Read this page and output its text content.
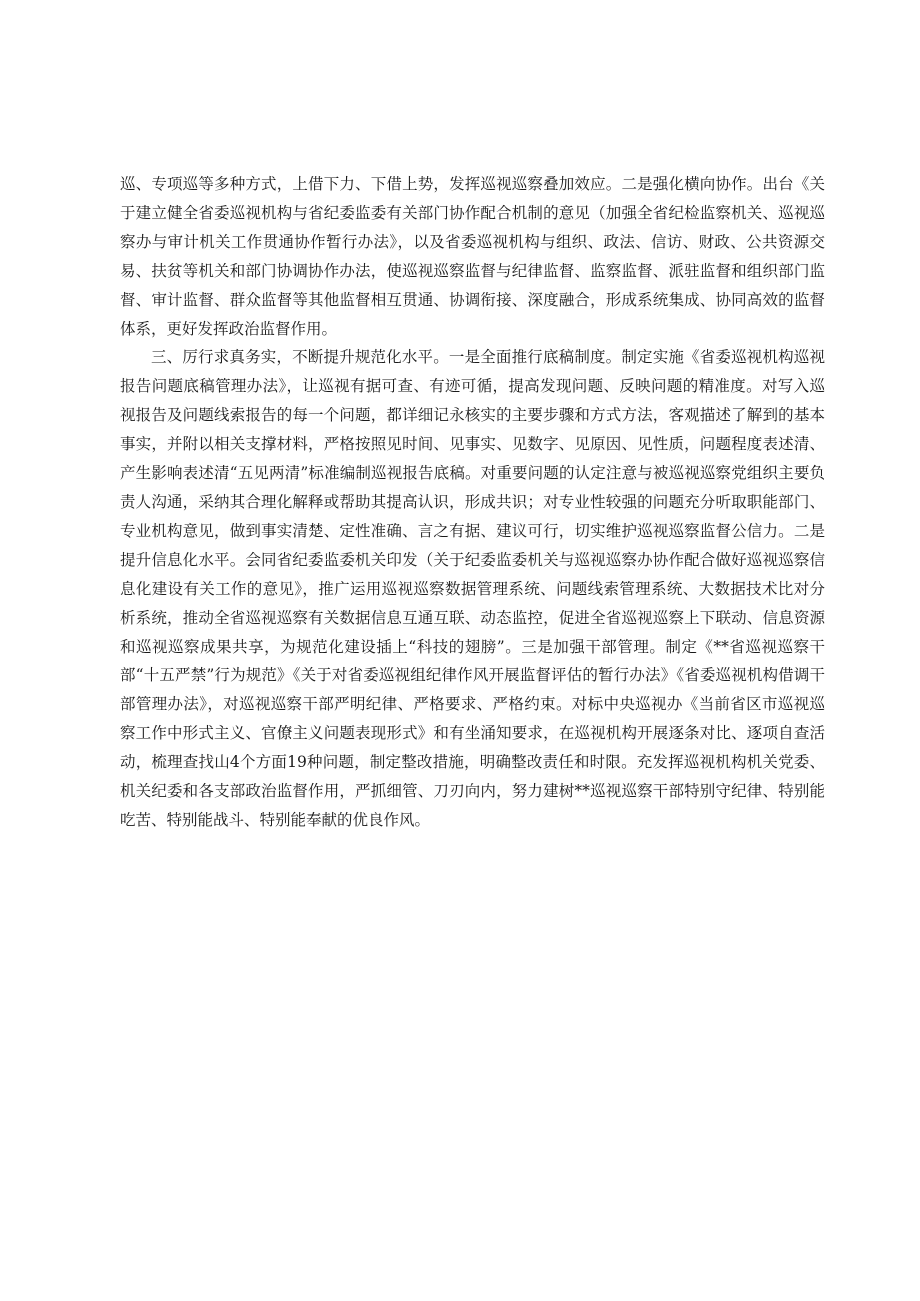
巡、专项巡等多种方式，上借下力、下借上势，发挥巡视巡察叠加效应。二是强化横向协作。出台《关于建立健全省委巡视机构与省纪委监委有关部门协作配合机制的意见（加强全省纪检监察机关、巡视巡察办与审计机关工作贯通协作暂行办法》，以及省委巡视机构与组织、政法、信访、财政、公共资源交易、扶贫等机关和部门协调协作办法，使巡视巡察监督与纪律监督、监察监督、派驻监督和组织部门监督、审计监督、群众监督等其他监督相互贯通、协调衔接、深度融合，形成系统集成、协同高效的监督体系，更好发挥政治监督作用。

三、厉行求真务实，不断提升规范化水平。一是全面推行底稿制度。制定实施《省委巡视机构巡视报告问题底稿管理办法》，让巡视有据可查、有迹可循，提高发现问题、反映问题的精准度。对写入巡视报告及问题线索报告的每一个问题，都详细记永核实的主要步骤和方式方法，客观描述了解到的基本事实，并附以相关支撑材料，严格按照见时间、见事实、见数字、见原因、见性质，问题程度表述清、产生影响表述清“五见两清”标准编制巡视报告底稿。对重要问题的认定注意与被巡视巡察党组织主要负责人沟通，采纳其合理化解释或帮助其提高认识，形成共识；对专业性较强的问题充分听取职能部门、专业机构意见，做到事实清楚、定性准确、言之有据、建议可行，切实维护巡视巡察监督公信力。二是提升信息化水平。会同省纪委监委机关印发（关于纪委监委机关与巡视巡察办协作配合做好巡视巡察信息化建设有关工作的意见》，推广运用巡视巡察数据管理系统、问题线索管理系统、大数据技术比对分析系统，推动全省巡视巡察有关数据信息互通互联、动态监控，促进全省巡视巡察上下联动、信息资源和巡视巡察成果共享，为规范化建设插上“科技的翅膀”。三是加强干部管理。制定《**省巡视巡察干部“十五严禁”行为规范》《关于对省委巡视组纪律作风开展监督评估的暂行办法》《省委巡视机构借调干部管理办法》，对巡视巡察干部严明纪律、严格要求、严格约束。对标中央巡视办《当前省区市巡视巡察工作中形式主义、官僚主义问题表现形式》和有坐涌知要求，在巡视机构开展逐条对比、逐项自查活动，梳理查找山4个方面19种问题，制定整改措施，明确整改责任和时限。充发挥巡视机构机关党委、机关纪委和各支部政治监督作用，严抓细管、刀刃向内，努力建树**巡视巡察干部特别守纪律、特别能吃苦、特别能战斗、特别能奉献的优良作风。
